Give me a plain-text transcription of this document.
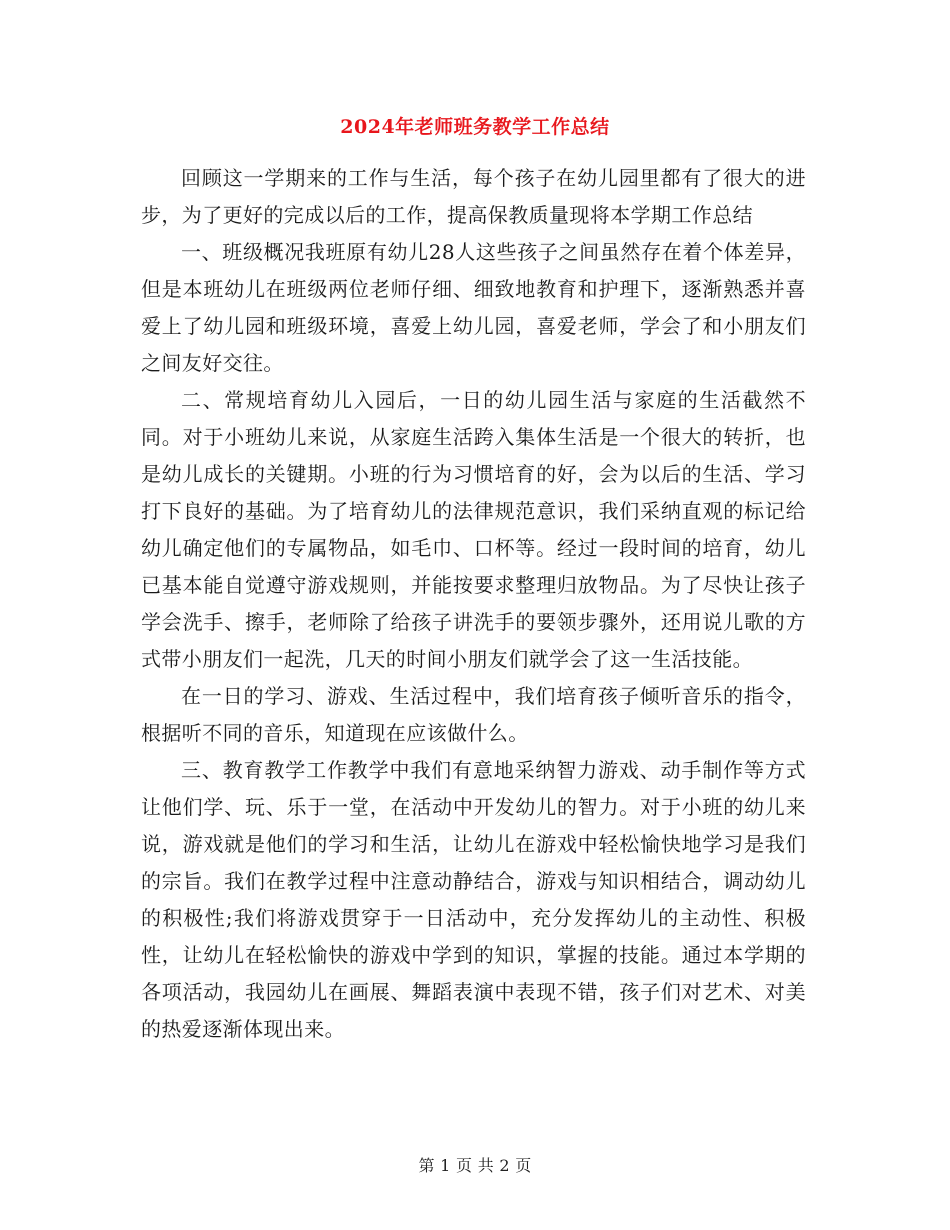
2024年老师班务教学工作总结

回顾这一学期来的工作与生活，每个孩子在幼儿园里都有了很大的进步，为了更好的完成以后的工作，提高保教质量现将本学期工作总结

一、班级概况我班原有幼儿28人这些孩子之间虽然存在着个体差异，但是本班幼儿在班级两位老师仔细、细致地教育和护理下，逐渐熟悉并喜爱上了幼儿园和班级环境，喜爱上幼儿园，喜爱老师，学会了和小朋友们之间友好交往。

二、常规培育幼儿入园后，一日的幼儿园生活与家庭的生活截然不同。对于小班幼儿来说，从家庭生活跨入集体生活是一个很大的转折，也是幼儿成长的关键期。小班的行为习惯培育的好，会为以后的生活、学习打下良好的基础。为了培育幼儿的法律规范意识，我们采纳直观的标记给幼儿确定他们的专属物品，如毛巾、口杯等。经过一段时间的培育，幼儿已基本能自觉遵守游戏规则，并能按要求整理归放物品。为了尽快让孩子学会洗手、擦手，老师除了给孩子讲洗手的要领步骤外，还用说儿歌的方式带小朋友们一起洗，几天的时间小朋友们就学会了这一生活技能。

在一日的学习、游戏、生活过程中，我们培育孩子倾听音乐的指令，根据听不同的音乐，知道现在应该做什么。

三、教育教学工作教学中我们有意地采纳智力游戏、动手制作等方式让他们学、玩、乐于一堂，在活动中开发幼儿的智力。对于小班的幼儿来说，游戏就是他们的学习和生活，让幼儿在游戏中轻松愉快地学习是我们的宗旨。我们在教学过程中注意动静结合，游戏与知识相结合，调动幼儿的积极性;我们将游戏贯穿于一日活动中，充分发挥幼儿的主动性、积极性，让幼儿在轻松愉快的游戏中学到的知识，掌握的技能。通过本学期的各项活动，我园幼儿在画展、舞蹈表演中表现不错，孩子们对艺术、对美的热爱逐渐体现出来。

第 1 页 共 2 页
